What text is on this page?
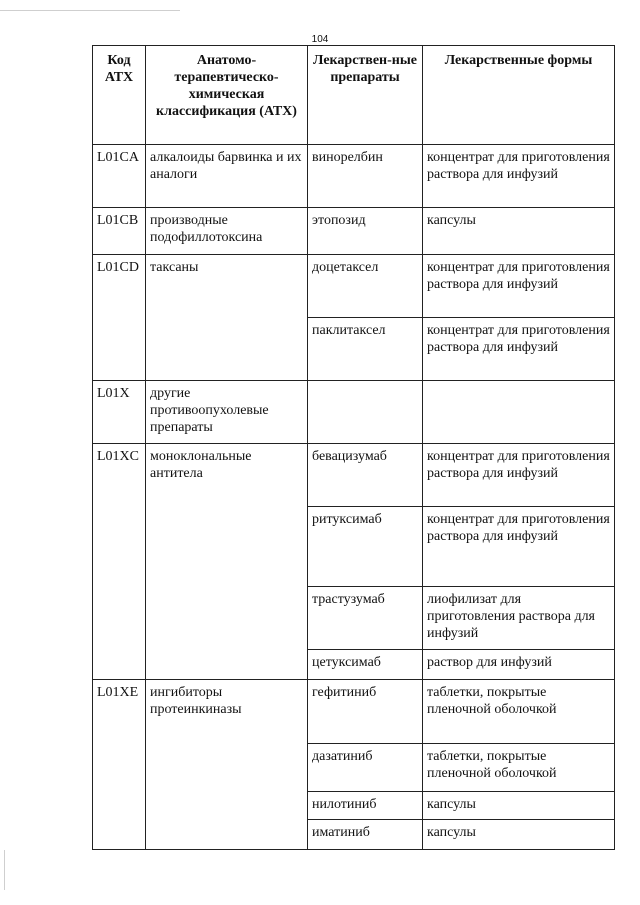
104
Код АТХ	Анатомо-терапевтическо-химическая классификация (АТХ)	Лекарствен-ные препараты	Лекарственные формы
L01CA	алкалоиды барвинка и их аналоги	винорелбин	концентрат для приготовления раствора для инфузий
L01CB	производные подофиллотоксина	этопозид	капсулы
L01CD	таксаны	доцетаксел	концентрат для приготовления раствора для инфузий
		паклитаксел	концентрат для приготовления раствора для инфузий
L01X	другие противоопухолевые препараты		
L01XC	моноклональные антитела	бевацизумаб	концентрат для приготовления раствора для инфузий
		ритуксимаб	концентрат для приготовления раствора для инфузий
		трастузумаб	лиофилизат для приготовления раствора для инфузий
		цетуксимаб	раствор для инфузий
L01XE	ингибиторы протеинкиназы	гефитиниб	таблетки, покрытые пленочной оболочкой
		дазатиниб	таблетки, покрытые пленочной оболочкой
		нилотиниб	капсулы
		иматиниб	капсулы
